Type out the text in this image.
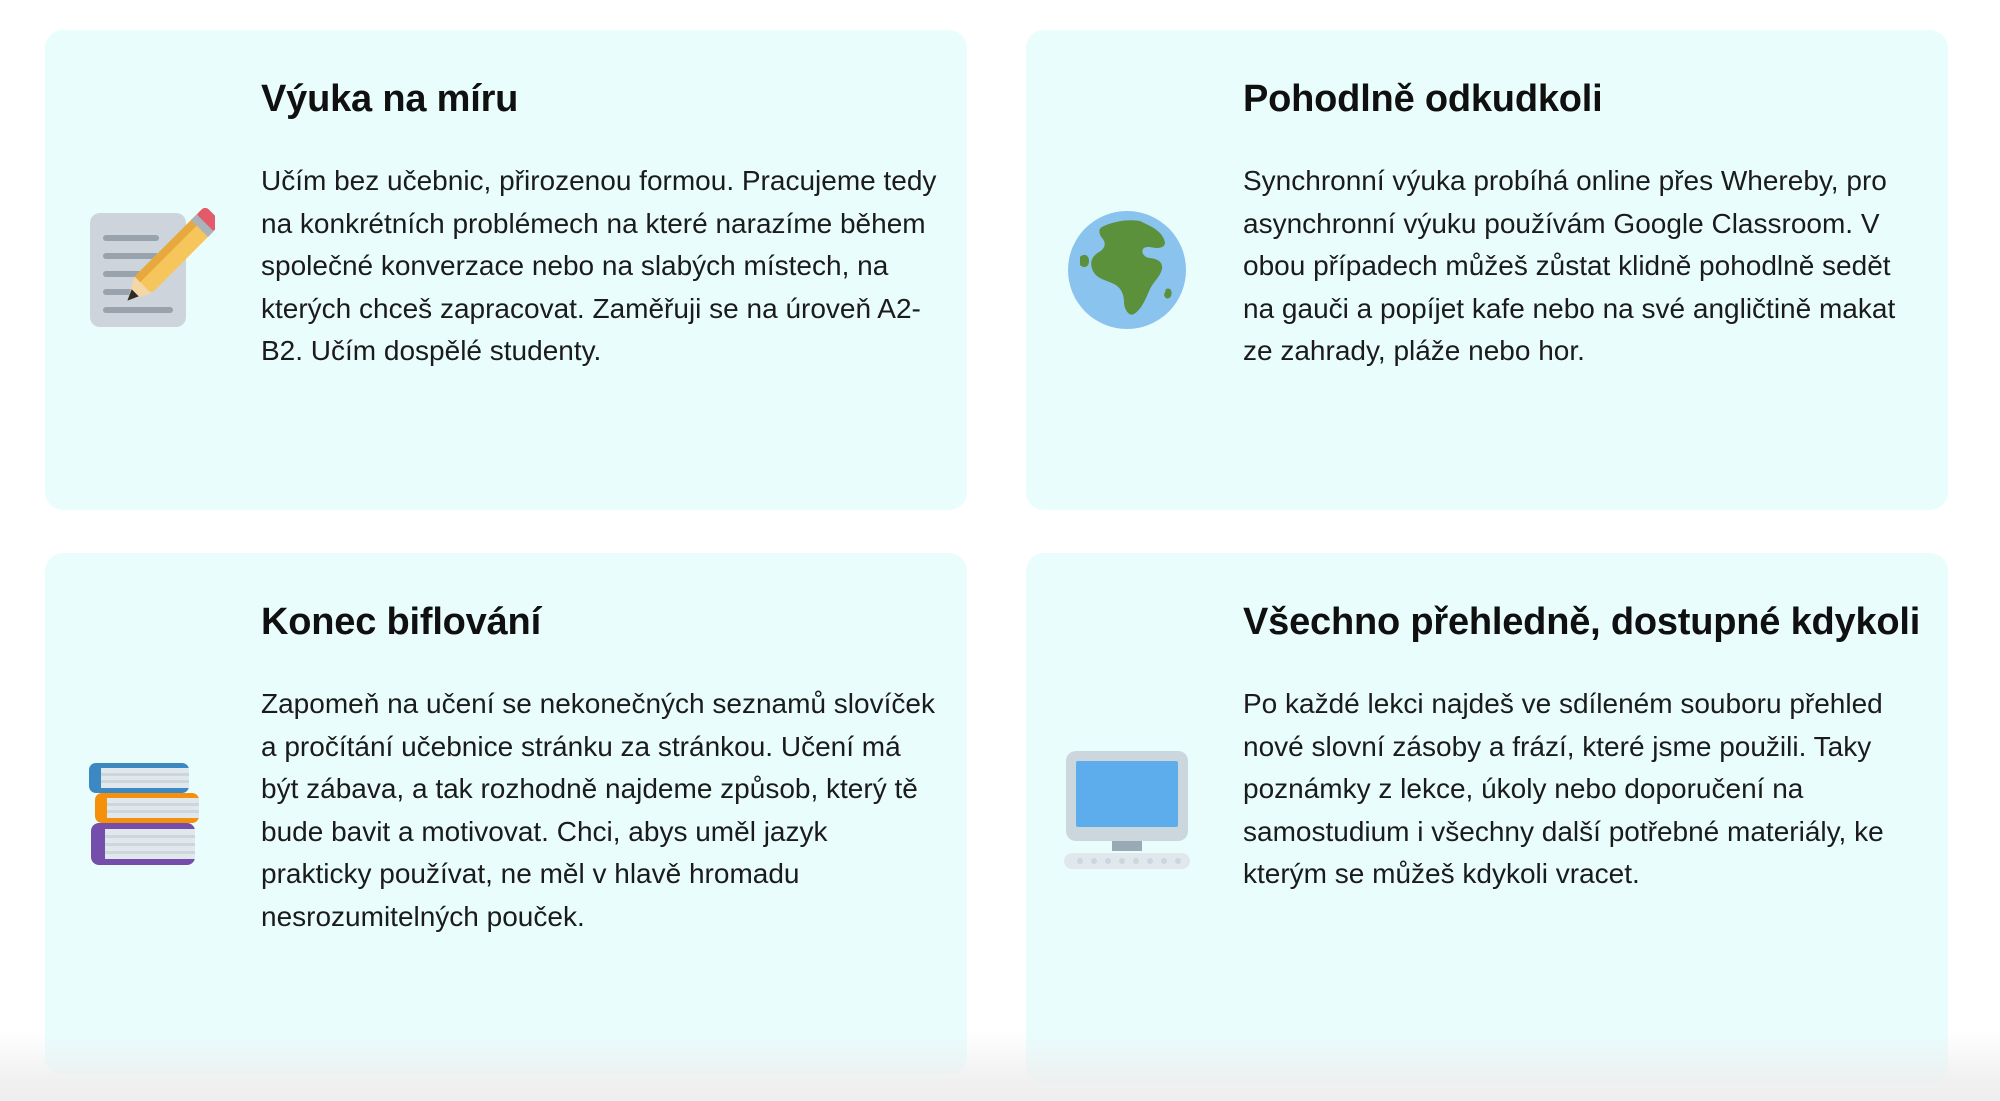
Výuka na míru

Učím bez učebnic, přirozenou formou. Pracujeme tedy na konkrétních problémech na které narazíme během společné konverzace nebo na slabých místech, na kterých chceš zapracovat. Zaměřuji se na úroveň A2-B2. Učím dospělé studenty.

Pohodlně odkudkoli

Synchronní výuka probíhá online přes Whereby, pro asynchronní výuku používám Google Classroom. V obou případech můžeš zůstat klidně pohodlně sedět na gauči a popíjet kafe nebo na své angličtině makat ze zahrady, pláže nebo hor.

Konec biflování

Zapomeň na učení se nekonečných seznamů slovíček a pročítání učebnice stránku za stránkou. Učení má být zábava, a tak rozhodně najdeme způsob, který tě bude bavit a motivovat. Chci, abys uměl jazyk prakticky používat, ne měl v hlavě hromadu nesrozumitelných pouček.

Všechno přehledně, dostupné kdykoli

Po každé lekci najdeš ve sdíleném souboru přehled nové slovní zásoby a frází, které jsme použili. Taky poznámky z lekce, úkoly nebo doporučení na samostudium i všechny další potřebné materiály, ke kterým se můžeš kdykoli vracet.
